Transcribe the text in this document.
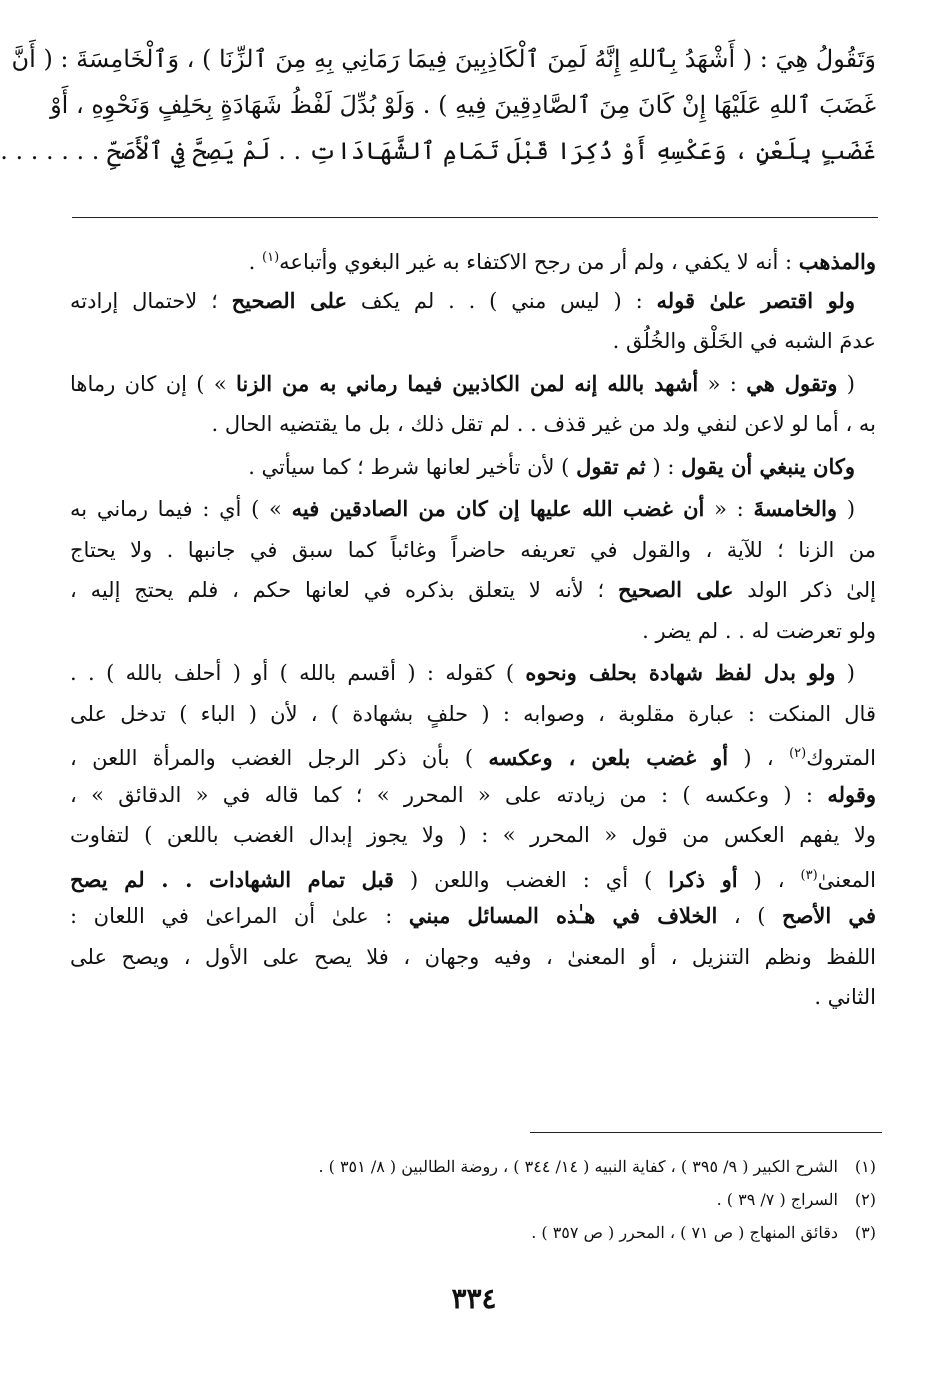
وَتَقُولُ هِيَ : ( أَشْهَدُ بِٱللهِ إِنَّهُ لَمِنَ ٱلْكَاذِبِينَ فِيمَا رَمَانِي بِهِ مِنَ ٱلزِّنَا ) ، وَٱلْخَامِسَةَ : ( أَنَّ
غَضَبَ ٱللهِ عَلَيْهَا إِنْ كَانَ مِنَ ٱلصَّادِقِينَ فِيهِ ) . وَلَوْ بُدِّلَ لَفْظُ شَهَادَةٍ بِحَلِفٍ وَنَحْوِهِ ، أَوْ
غَضَبٍ بِلَعْنٍ ، وَعَكْسِهِ أَوْ ذُكِرَا قَبْلَ تَمَامِ ٱلشَّهَادَاتِ . . لَمْ يَصِحَّ فِي ٱلْأَصَحِّ . . . . . . .
والمذهب : أنه لا يكفي ، ولم أر من رجح الاكتفاء به غير البغوي وأتباعه$^{(١)}$ .
ولو اقتصر علىٰ قوله : ( ليس مني ) . . لم يكف على الصحيح ؛ لاحتمال إرادته
عدمَ الشبه في الخَلْق والخُلُق .
( وتقول هي : « أشهد بالله إنه لمن الكاذبين فيما رماني به من الزنا » ) إن كان رماها
به ، أما لو لاعن لنفي ولد من غير قذف . . لم تقل ذلك ، بل ما يقتضيه الحال .
وكان ينبغي أن يقول : ( ثم تقول ) لأن تأخير لعانها شرط ؛ كما سيأتي .
( والخامسةَ : « أن غضب الله عليها إن كان من الصادقين فيه » ) أي : فيما رماني به
من الزنا ؛ للآية ، والقول في تعريفه حاضراً وغائباً كما سبق في جانبها . ولا يحتاج
إلىٰ ذكر الولد على الصحيح ؛ لأنه لا يتعلق بذكره في لعانها حكم ، فلم يحتج إليه ،
ولو تعرضت له . . لم يضر .
( ولو بدل لفظ شهادة بحلف ونحوه ) كقوله : ( أقسم بالله ) أو ( أحلف بالله ) . .
قال المنكت : عبارة مقلوبة ، وصوابه : ( حلفٍ بشهادة ) ، لأن ( الباء ) تدخل على
المتروك$^{(٢)}$ ، ( أو غضب بلعن ، وعكسه ) بأن ذكر الرجل الغضب والمرأة اللعن ،
وقوله : ( وعكسه ) : من زيادته على « المحرر » ؛ كما قاله في « الدقائق » ،
ولا يفهم العكس من قول « المحرر » : ( ولا يجوز إبدال الغضب باللعن ) لتفاوت
المعنىٰ$^{(٣)}$ ، ( أو ذكرا ) أي : الغضب واللعن ( قبل تمام الشهادات . . لم يصح
في الأصح ) ، الخلاف في هـٰذه المسائل مبني : علىٰ أن المراعىٰ في اللعان :
اللفظ ونظم التنزيل ، أو المعنىٰ ، وفيه وجهان ، فلا يصح على الأول ، ويصح على
الثاني .
(١)الشرح الكبير ( ٩/ ٣٩٥ ) ، كفاية النبيه ( ١٤/ ٣٤٤ ) ، روضة الطالبين ( ٨/ ٣٥١ ) .
(٢)السراج ( ٧/ ٣٩ ) .
(٣)دقائق المنهاج ( ص ٧١ ) ، المحرر ( ص ٣٥٧ ) .
٣٣٤
